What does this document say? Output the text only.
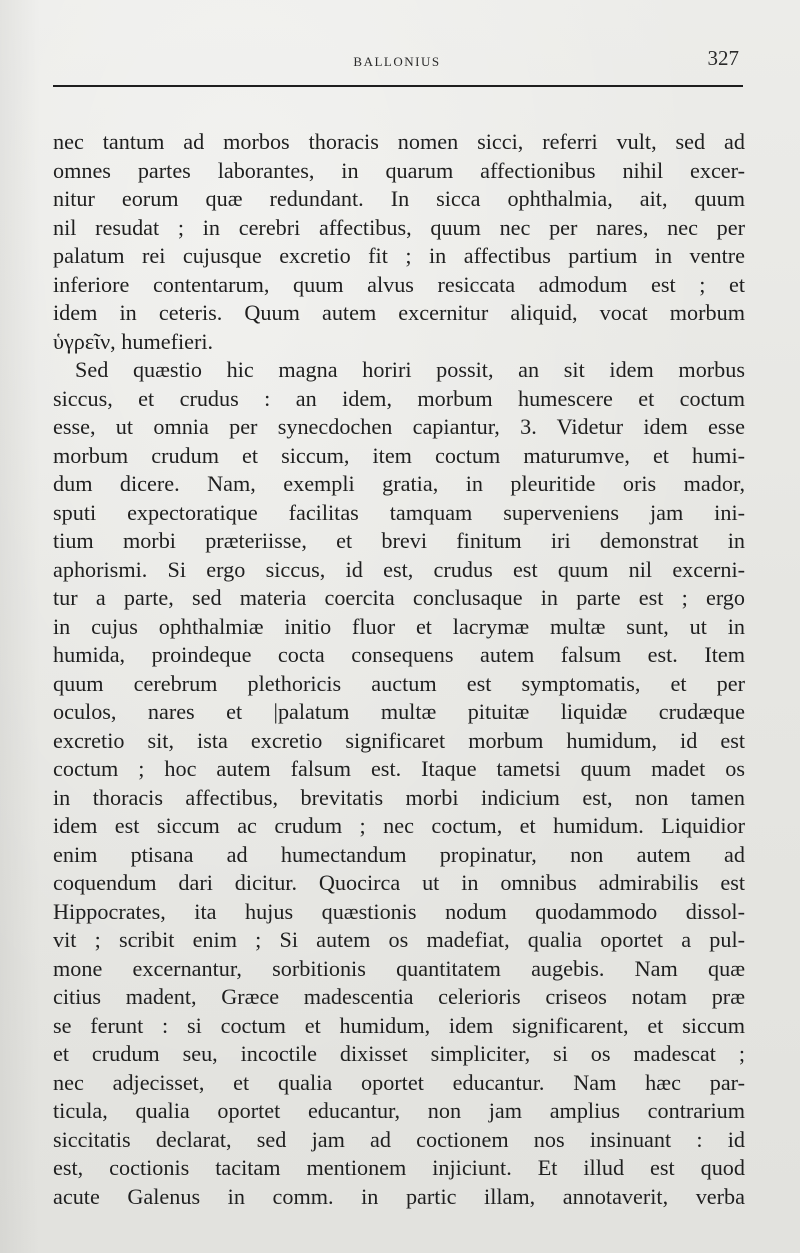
BALLONIUS	327
nec tantum ad morbos thoracis nomen sicci, referri vult, sed ad
omnes partes laborantes, in quarum affectionibus nihil excer-
nitur eorum quæ redundant. In sicca ophthalmia, ait, quum
nil resudat ; in cerebri affectibus, quum nec per nares, nec per
palatum rei cujusque excretio fit ; in affectibus partium in ventre
inferiore contentarum, quum alvus resiccata admodum est ; et
idem in ceteris. Quum autem excernitur aliquid, vocat morbum
ὑγρεῖν, humefieri.
Sed quæstio hic magna horiri possit, an sit idem morbus
siccus, et crudus : an idem, morbum humescere et coctum
esse, ut omnia per synecdochen capiantur, 3. Videtur idem esse
morbum crudum et siccum, item coctum maturumve, et humi-
dum dicere. Nam, exempli gratia, in pleuritide oris mador,
sputi expectoratique facilitas tamquam superveniens jam ini-
tium morbi præteriisse, et brevi finitum iri demonstrat in
aphorismi. Si ergo siccus, id est, crudus est quum nil excerni-
tur a parte, sed materia coercita conclusaque in parte est ; ergo
in cujus ophthalmiæ initio fluor et lacrymæ multæ sunt, ut in
humida, proindeque cocta consequens autem falsum est. Item
quum cerebrum plethoricis auctum est symptomatis, et per
oculos, nares et |palatum multæ pituitæ liquidæ crudæque
excretio sit, ista excretio significaret morbum humidum, id est
coctum ; hoc autem falsum est. Itaque tametsi quum madet os
in thoracis affectibus, brevitatis morbi indicium est, non tamen
idem est siccum ac crudum ; nec coctum, et humidum. Liquidior
enim ptisana ad humectandum propinatur, non autem ad
coquendum dari dicitur. Quocirca ut in omnibus admirabilis est
Hippocrates, ita hujus quæstionis nodum quodammodo dissol-
vit ; scribit enim ; Si autem os madefiat, qualia oportet a pul-
mone excernantur, sorbitionis quantitatem augebis. Nam quæ
citius madent, Græce madescentia celerioris criseos notam præ
se ferunt : si coctum et humidum, idem significarent, et siccum
et crudum seu, incoctile dixisset simpliciter, si os madescat ;
nec adjecisset, et qualia oportet educantur. Nam hæc par-
ticula, qualia oportet educantur, non jam amplius contrarium
siccitatis declarat, sed jam ad coctionem nos insinuant : id
est, coctionis tacitam mentionem injiciunt. Et illud est quod
acute Galenus in comm. in partic illam, annotaverit, verba
